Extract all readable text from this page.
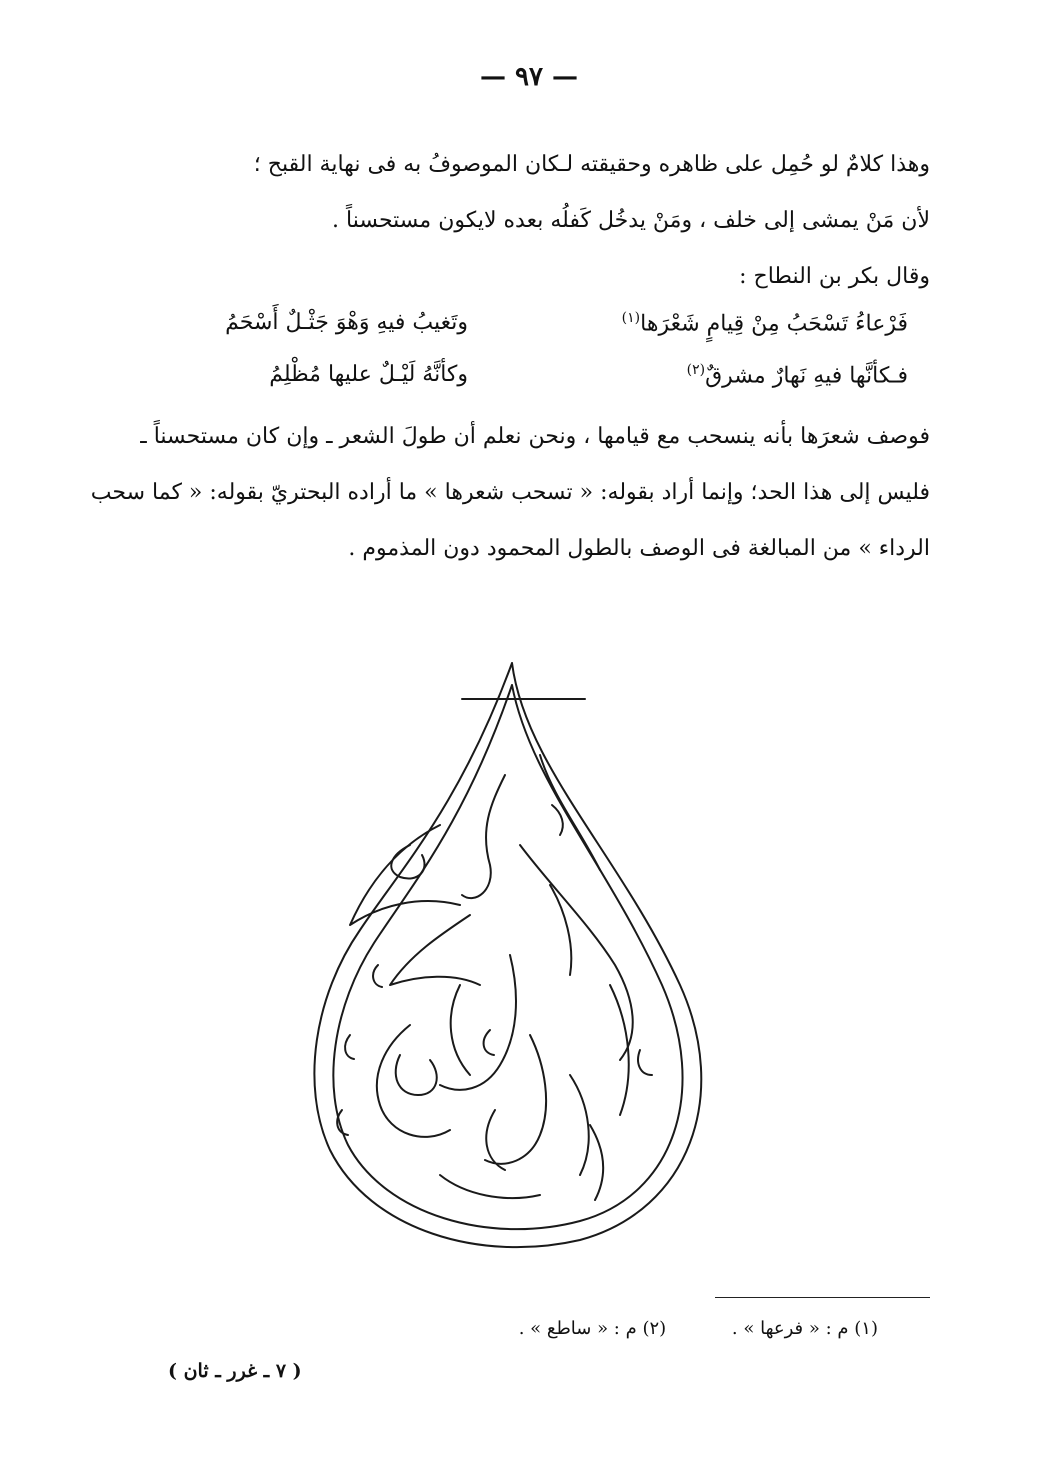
— ٩٧ —
وهذا كلامٌ لو حُمِل على ظاهره وحقيقته لـكان الموصوفُ به فى نهاية القبح ؛
لأن مَنْ يمشى إلى خلف ، ومَنْ يدخُل كَفلُه بعده لايكون مستحسناً .
وقال بكر بن النطاح :
فَرْعاءُ تَسْحَبُ مِنْ قِيامٍ شَعْرَها$^{(١)}$
وتَغيبُ فيهِ وَهْوَ جَثْـلٌ أَسْحَمُ
فـكأنَّها فيهِ نَهارٌ مشرقٌ$^{(٢)}$
وكأنَّهُ لَيْـلٌ عليها مُظْلِمُ
فوصف شعرَها بأنه ينسحب مع قيامها ، ونحن نعلم أن طولَ الشعر ـ وإن كان مستحسناً ـ
فليس إلى هذا الحد؛ وإنما أراد بقوله: « تسحب شعرها » ما أراده البحتريّ بقوله: « كما سحب
الرداء » من المبالغة فى الوصف بالطول المحمود دون المذموم .
(١) م : « فرعها » . (٢) م : « ساطع » .
( ٧ ـ غرر ـ ثان )
